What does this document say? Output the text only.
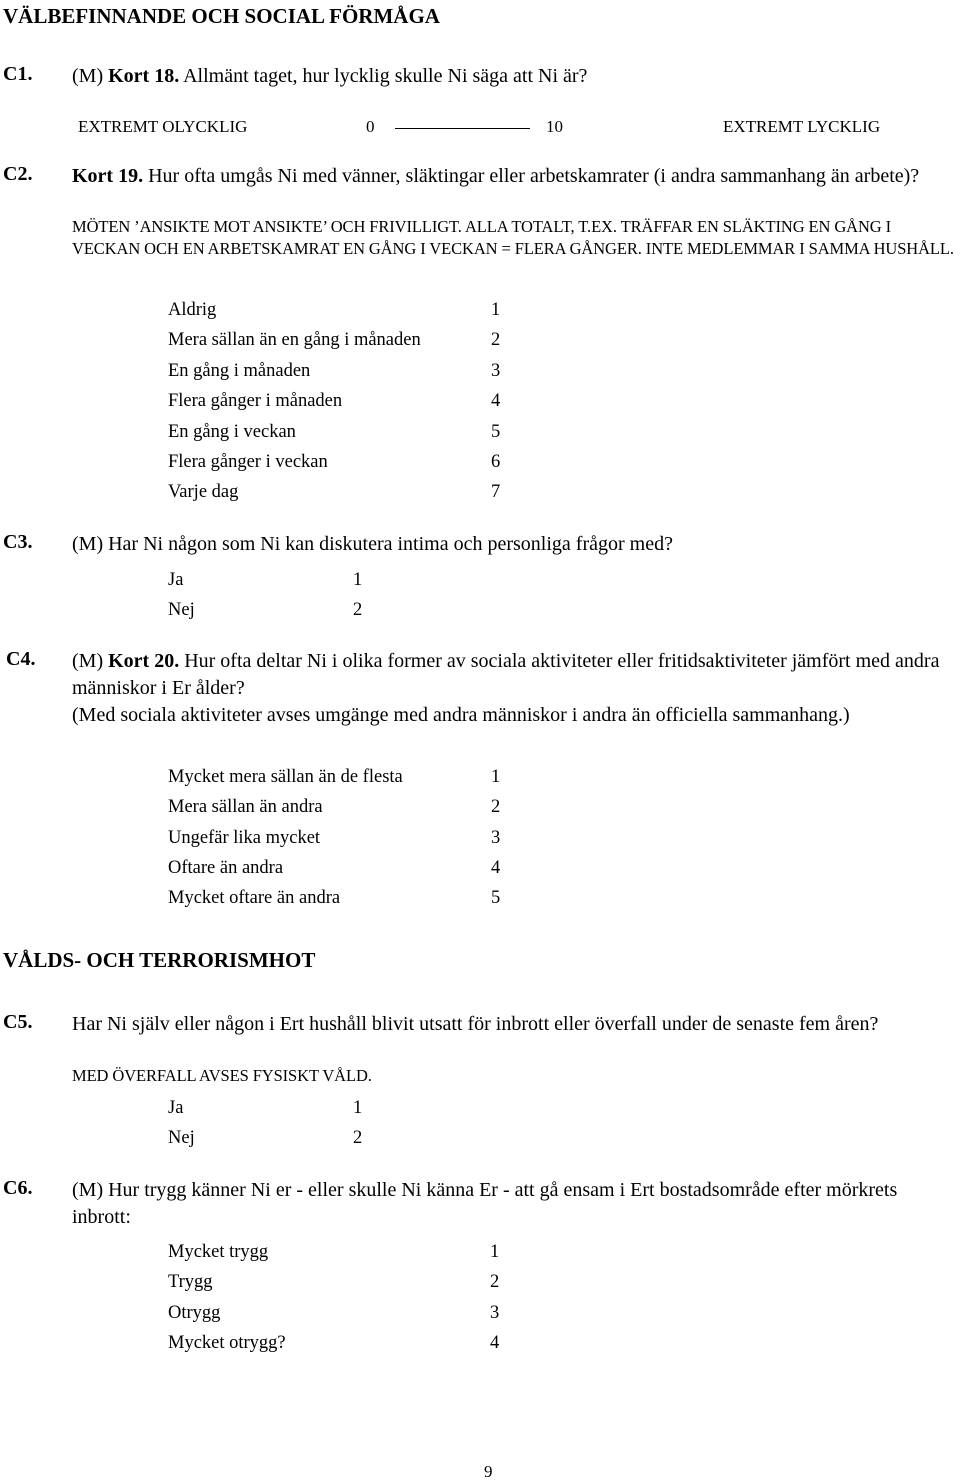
VÄLBEFINNANDE OCH SOCIAL FÖRMÅGA
C1. (M) Kort 18. Allmänt taget, hur lycklig skulle Ni säga att Ni är?
EXTREMT OLYCKLIG	0	10	EXTREMT LYCKLIG
C2. Kort 19. Hur ofta umgås Ni med vänner, släktingar eller arbetskamrater (i andra sammanhang än arbete)?
MÖTEN ’ANSIKTE MOT ANSIKTE’ OCH FRIVILLIGT. ALLA TOTALT, T.EX. TRÄFFAR EN SLÄKTING EN GÅNG I VECKAN OCH EN ARBETSKAMRAT EN GÅNG I VECKAN = FLERA GÅNGER. INTE MEDLEMMAR I SAMMA HUSHÅLL.
Aldrig	1
Mera sällan än en gång i månaden	2
En gång i månaden	3
Flera gånger i månaden	4
En gång i veckan	5
Flera gånger i veckan	6
Varje dag	7
C3. (M) Har Ni någon som Ni kan diskutera intima och personliga frågor med?
Ja	1
Nej	2
C4. (M) Kort 20. Hur ofta deltar Ni i olika former av sociala aktiviteter eller fritidsaktiviteter jämfört med andra människor i Er ålder?
(Med sociala aktiviteter avses umgänge med andra människor i andra än officiella sammanhang.)
Mycket mera sällan än de flesta	1
Mera sällan än andra	2
Ungefär lika mycket	3
Oftare än andra	4
Mycket oftare än andra	5
VÅLDS- OCH TERRORISMHOT
C5. Har Ni själv eller någon i Ert hushåll blivit utsatt för inbrott eller överfall under de senaste fem åren?
MED ÖVERFALL AVSES FYSISKT VÅLD.
Ja	1
Nej	2
C6. (M) Hur trygg känner Ni er - eller skulle Ni känna Er - att gå ensam i Ert bostadsområde efter mörkrets inbrott:
Mycket trygg	1
Trygg	2
Otrygg	3
Mycket otrygg?	4
9
